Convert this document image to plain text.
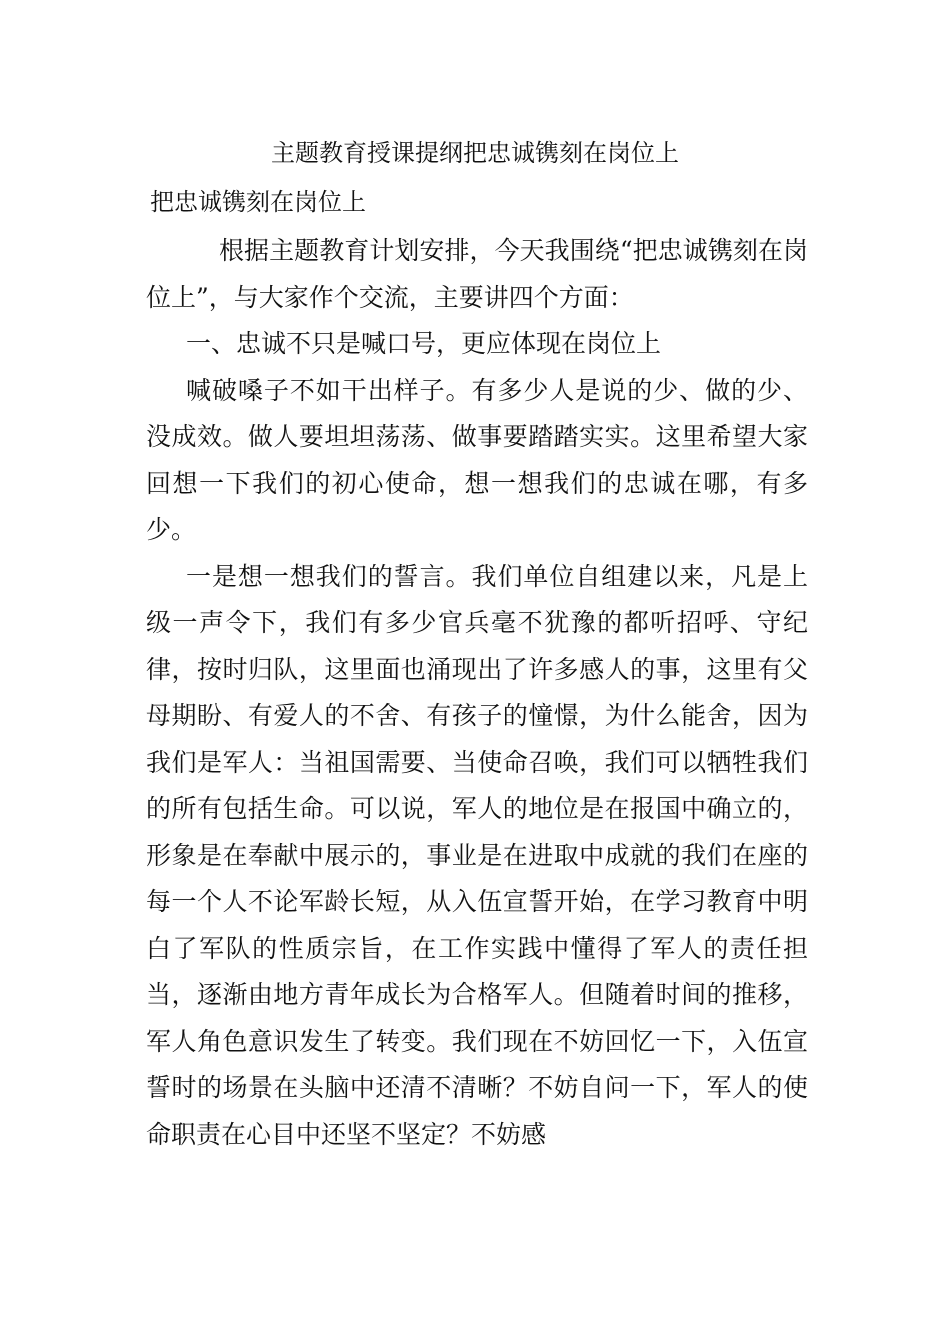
主题教育授课提纲把忠诚镌刻在岗位上
把忠诚镌刻在岗位上

根据主题教育计划安排，今天我围绕“把忠诚镌刻在岗位上”，与大家作个交流，主要讲四个方面：

一、忠诚不只是喊口号，更应体现在岗位上

喊破嗓子不如干出样子。有多少人是说的少、做的少、没成效。做人要坦坦荡荡、做事要踏踏实实。这里希望大家回想一下我们的初心使命，想一想我们的忠诚在哪，有多少。

一是想一想我们的誓言。我们单位自组建以来，凡是上级一声令下，我们有多少官兵毫不犹豫的都听招呼、守纪律，按时归队，这里面也涌现出了许多感人的事，这里有父母期盼、有爱人的不舍、有孩子的憧憬，为什么能舍，因为我们是军人：当祖国需要、当使命召唤，我们可以牺牲我们的所有包括生命。可以说，军人的地位是在报国中确立的，形象是在奉献中展示的，事业是在进取中成就的我们在座的每一个人不论军龄长短，从入伍宣誓开始，在学习教育中明白了军队的性质宗旨，在工作实践中懂得了军人的责任担当，逐渐由地方青年成长为合格军人。但随着时间的推移，军人角色意识发生了转变。我们现在不妨回忆一下，入伍宣誓时的场景在头脑中还清不清晰？不妨自问一下，军人的使命职责在心目中还坚不坚定？不妨感
